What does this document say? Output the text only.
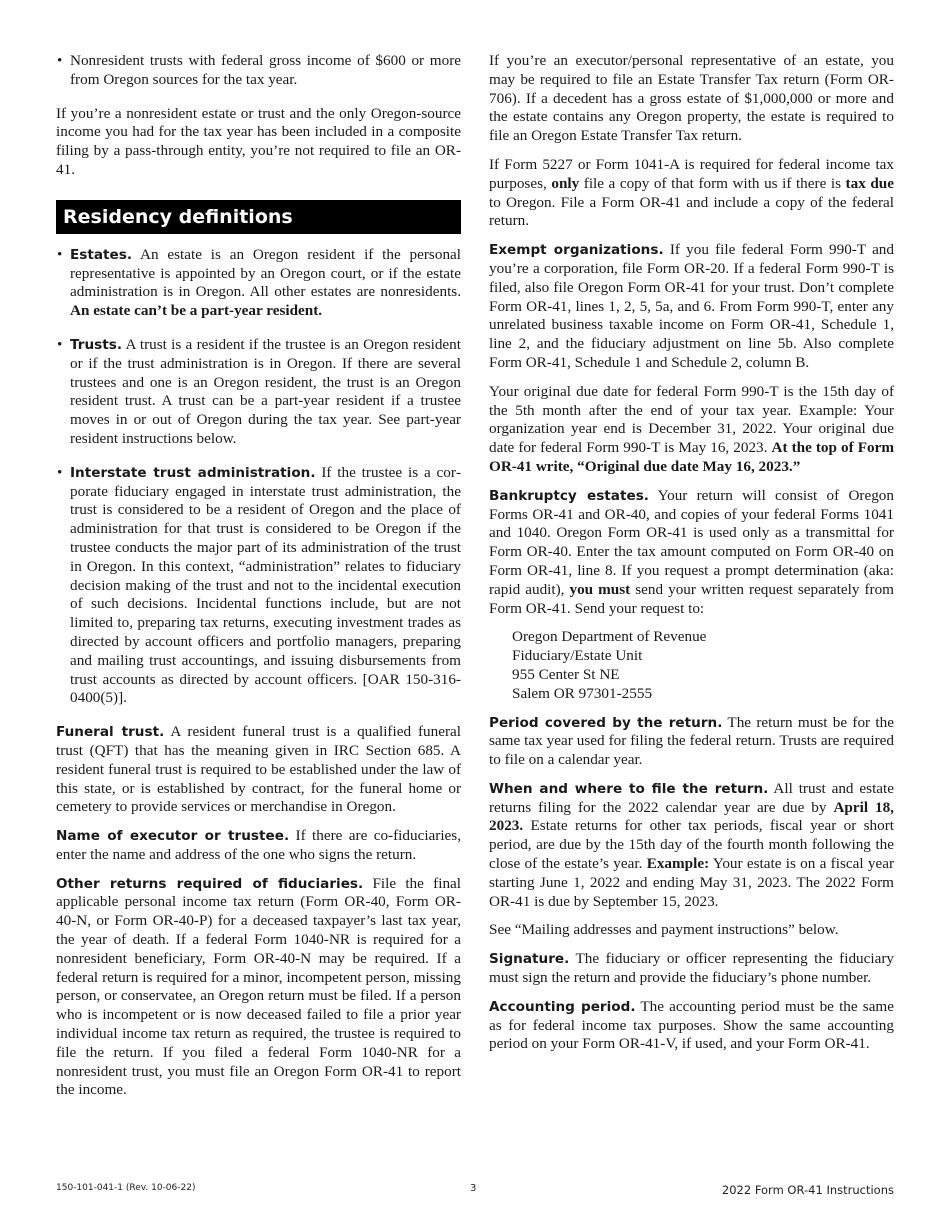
• Nonresident trusts with federal gross income of $600 or more from Oregon sources for the tax year.

If you’re a nonresident estate or trust and the only Oregon-source income you had for the tax year has been included in a composite filing by a pass-through entity, you’re not required to file an OR-41.

Residency definitions
• Estates. An estate is an Oregon resident if the personal representative is appointed by an Oregon court, or if the estate administration is in Oregon. All other estates are nonresidents. An estate can’t be a part-year resident.
• Trusts. A trust is a resident if the trustee is an Oregon resident or if the trust administration is in Oregon. If there are several trustees and one is an Oregon resident, the trust is an Oregon resident trust. A trust can be a part-year resident if a trustee moves in or out of Oregon during the tax year. See part-year resident instructions below.
• Interstate trust administration. If the trustee is a corporate fiduciary engaged in interstate trust administration, the trust is considered to be a resident of Oregon and the place of administration for that trust is considered to be Oregon if the trustee conducts the major part of its administration of the trust in Oregon. In this context, “administration” relates to fiduciary decision making of the trust and not to the incidental execution of such decisions. Incidental functions include, but are not limited to, preparing tax returns, executing investment trades as directed by account officers and portfolio managers, preparing and mailing trust accountings, and issuing disbursements from trust accounts as directed by account officers. [OAR 150-316-0400(5)].

Funeral trust. A resident funeral trust is a qualified funeral trust (QFT) that has the meaning given in IRC Section 685. A resident funeral trust is required to be established under the law of this state, or is established by contract, for the funeral home or cemetery to provide services or merchandise in Oregon.

Name of executor or trustee. If there are co-fiduciaries, enter the name and address of the one who signs the return.

Other returns required of fiduciaries. File the final applicable personal income tax return (Form OR-40, Form OR-40-N, or Form OR-40-P) for a deceased taxpayer’s last tax year, the year of death. If a federal Form 1040-NR is required for a nonresident beneficiary, Form OR-40-N may be required. If a federal return is required for a minor, incompetent person, missing person, or conservatee, an Oregon return must be filed. If a person who is incompetent or is now deceased failed to file a prior year individual income tax return as required, the trustee is required to file the return. If you filed a federal Form 1040-NR for a nonresident trust, you must file an Oregon Form OR-41 to report the income.

If you’re an executor/personal representative of an estate, you may be required to file an Estate Transfer Tax return (Form OR-706). If a decedent has a gross estate of $1,000,000 or more and the estate contains any Oregon property, the estate is required to file an Oregon Estate Transfer Tax return.

If Form 5227 or Form 1041-A is required for federal income tax purposes, only file a copy of that form with us if there is tax due to Oregon. File a Form OR-41 and include a copy of the federal return.

Exempt organizations. If you file federal Form 990-T and you’re a corporation, file Form OR-20. If a federal Form 990-T is filed, also file Oregon Form OR-41 for your trust. Don’t complete Form OR-41, lines 1, 2, 5, 5a, and 6. From Form 990-T, enter any unrelated business taxable income on Form OR-41, Schedule 1, line 2, and the fiduciary adjustment on line 5b. Also complete Form OR-41, Schedule 1 and Schedule 2, column B.

Your original due date for federal Form 990-T is the 15th day of the 5th month after the end of your tax year. Example: Your organization year end is December 31, 2022. Your original due date for federal Form 990-T is May 16, 2023. At the top of Form OR-41 write, “Original due date May 16, 2023.”

Bankruptcy estates. Your return will consist of Oregon Forms OR-41 and OR-40, and copies of your federal Forms 1041 and 1040. Oregon Form OR-41 is used only as a transmittal for Form OR-40. Enter the tax amount computed on Form OR-40 on Form OR-41, line 8. If you request a prompt determination (aka: rapid audit), you must send your written request separately from Form OR-41. Send your request to:

Oregon Department of Revenue
Fiduciary/Estate Unit
955 Center St NE
Salem OR 97301-2555

Period covered by the return. The return must be for the same tax year used for filing the federal return. Trusts are required to file on a calendar year.

When and where to file the return. All trust and estate returns filing for the 2022 calendar year are due by April 18, 2023. Estate returns for other tax periods, fiscal year or short period, are due by the 15th day of the fourth month following the close of the estate’s year. Example: Your estate is on a fiscal year starting June 1, 2022 and ending May 31, 2023. The 2022 Form OR-41 is due by September 15, 2023.

See “Mailing addresses and payment instructions” below.

Signature. The fiduciary or officer representing the fiduciary must sign the return and provide the fiduciary’s phone number.

Accounting period. The accounting period must be the same as for federal income tax purposes. Show the same accounting period on your Form OR-41-V, if used, and your Form OR-41.

150-101-041-1 (Rev. 10-06-22)	3	2022 Form OR-41 Instructions
